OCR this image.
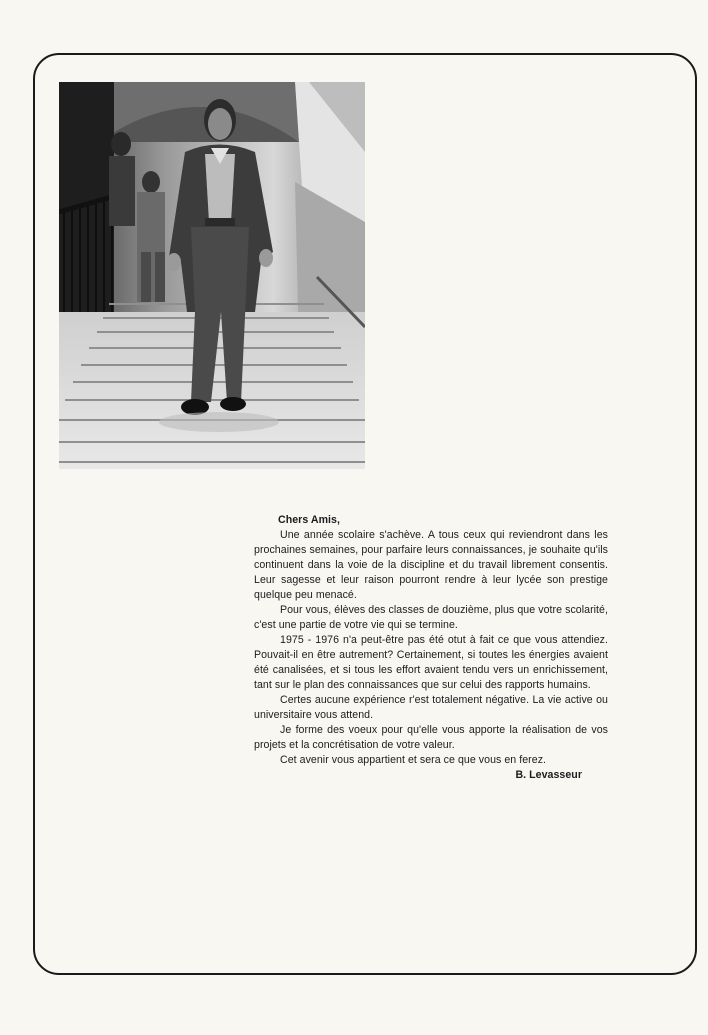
Chers Amis,

Une année scolaire s'achève. A tous ceux qui reviendront dans les prochaines semaines, pour parfaire leurs connaissances, je souhaite qu'ils continuent dans la voie de la discipline et du travail librement consentis. Leur sagesse et leur raison pourront rendre à leur lycée son prestige quelque peu menacé.

Pour vous, élèves des classes de douzième, plus que votre scolarité, c'est une partie de votre vie qui se termine.

1975 - 1976 n'a peut-être pas été otut à fait ce que vous attendiez. Pouvait-il en être autrement? Certainement, si toutes les énergies avaient été canalisées, et si tous les effort avaient tendu vers un enrichissement, tant sur le plan des connaissances que sur celui des rapports humains.

Certes aucune expérience r'est totalement négative. La vie active ou universitaire vous attend.

Je forme des voeux pour qu'elle vous apporte la réalisation de vos projets et la concrétisation de votre valeur.

Cet avenir vous appartient et sera ce que vous en ferez.

B. Levasseur
